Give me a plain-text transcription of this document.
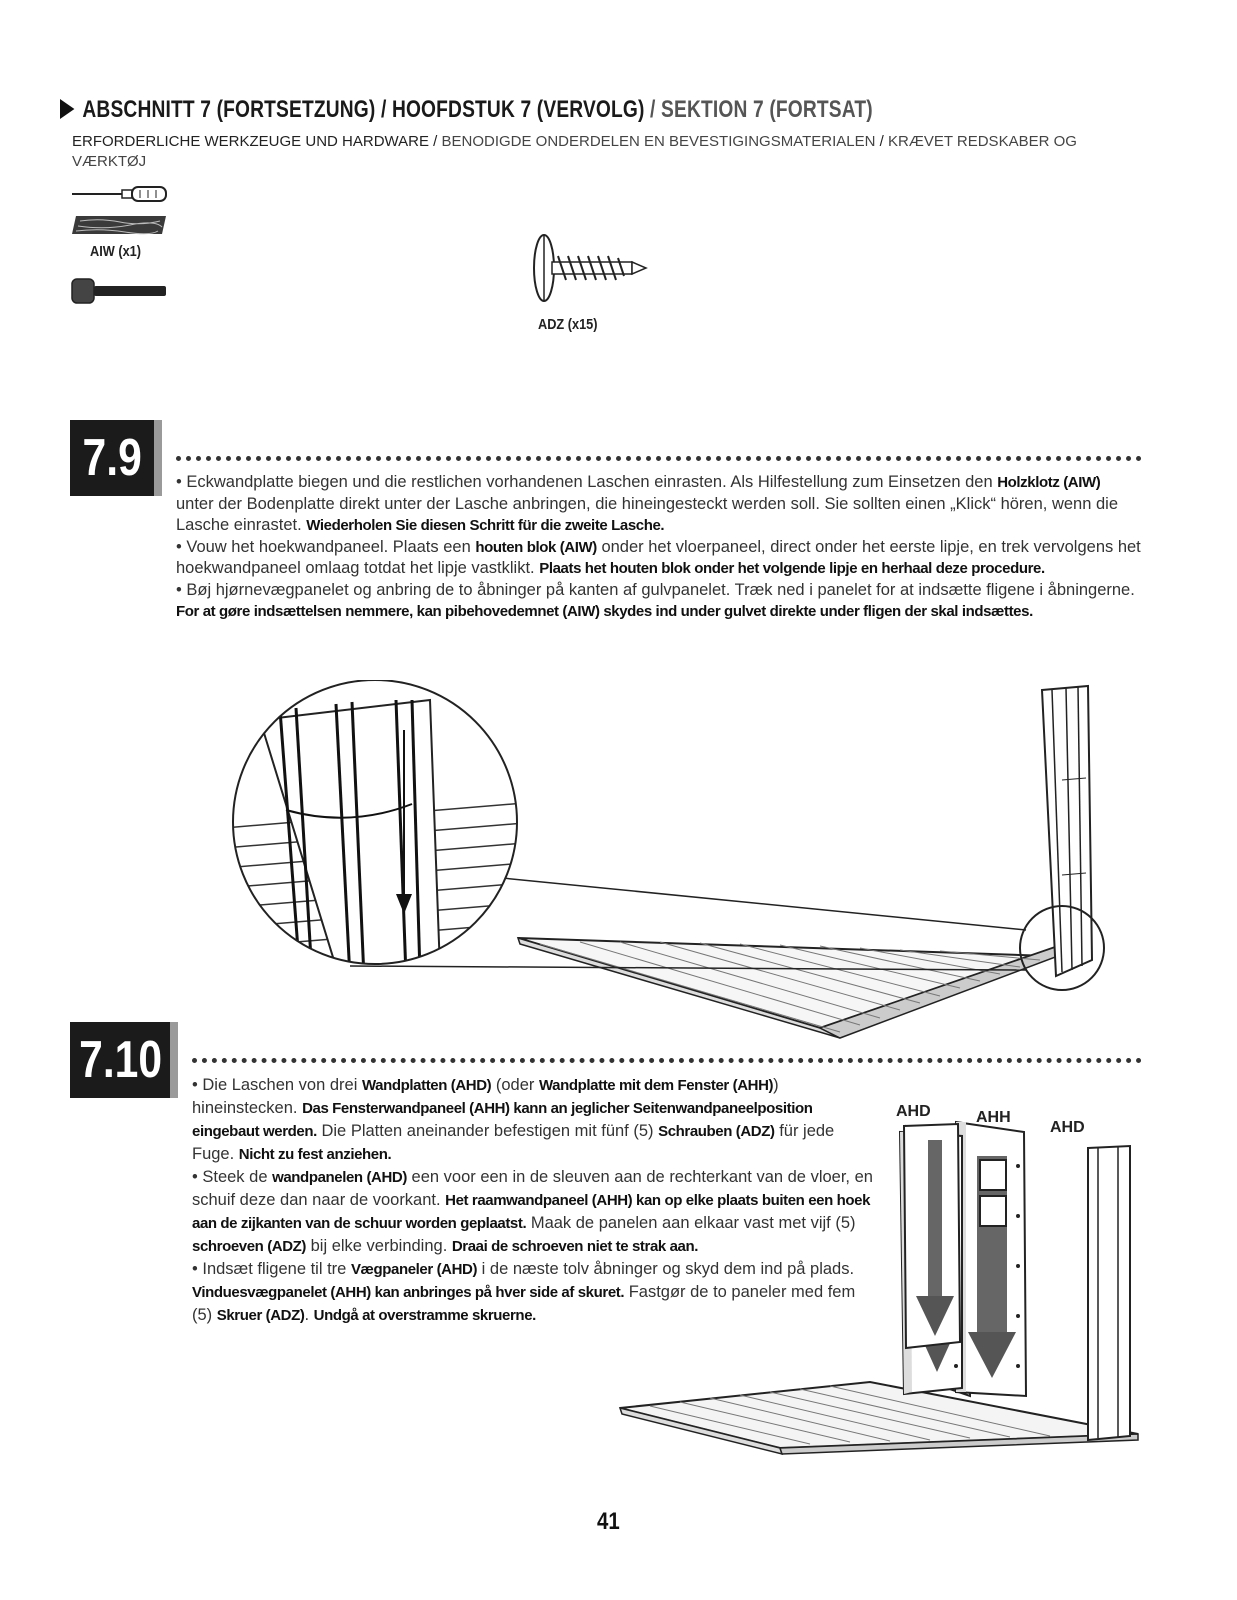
ABSCHNITT 7 (FORTSETZUNG) / HOOFDSTUK 7 (VERVOLG) / SEKTION 7 (FORTSAT)
ERFORDERLICHE WERKZEUGE UND HARDWARE / BENODIGDE ONDERDELEN EN BEVESTIGINGSMATERIALEN / KRÆVET REDSKABER OG VÆRKTØJ
AIW (x1)
ADZ (x15)
7.9	• Eckwandplatte biegen und die restlichen vorhandenen Laschen einrasten. Als Hilfestellung zum Einsetzen den Holzklotz (AIW) unter der Bodenplatte direkt unter der Lasche anbringen, die hineingesteckt werden soll. Sie sollten einen „Klick“ hören, wenn die Lasche einrastet. Wiederholen Sie diesen Schritt für die zweite Lasche.

• Vouw het hoekwandpaneel. Plaats een houten blok (AIW) onder het vloerpaneel, direct onder het eerste lipje, en trek vervolgens het hoekwandpaneel omlaag totdat het lipje vastklikt. Plaats het houten blok onder het volgende lipje en herhaal deze procedure.

• Bøj hjørnevægpanelet og anbring de to åbninger på kanten af gulvpanelet. Træk ned i panelet for at indsætte fligene i åbningerne. For at gøre indsættelsen nemmere, kan pibehovedemnet (AIW) skydes ind under gulvet direkte under fligen der skal indsættes.

7.10	• Die Laschen von drei Wandplatten (AHD) (oder Wandplatte mit dem Fenster (AHH)) hineinstecken. Das Fensterwandpaneel (AHH) kann an jeglicher Seitenwandpaneelposition eingebaut werden. Die Platten aneinander befestigen mit fünf (5) Schrauben (ADZ) für jede Fuge. Nicht zu fest anziehen.

• Steek de wandpanelen (AHD) een voor een in de sleuven aan de rechterkant van de vloer, en schuif deze dan naar de voorkant. Het raamwandpaneel (AHH) kan op elke plaats buiten een hoek aan de zijkanten van de schuur worden geplaatst. Maak de panelen aan elkaar vast met vijf (5) schroeven (ADZ) bij elke verbinding. Draai de schroeven niet te strak aan.

• Indsæt fligene til tre Vægpaneler (AHD) i de næste tolv åbninger og skyd dem ind på plads. Vinduesvægpanelet (AHH) kan anbringes på hver side af skuret. Fastgør de to paneler med fem (5) Skruer (ADZ). Undgå at overstramme skruerne.

AHD	AHH
AHD
41
